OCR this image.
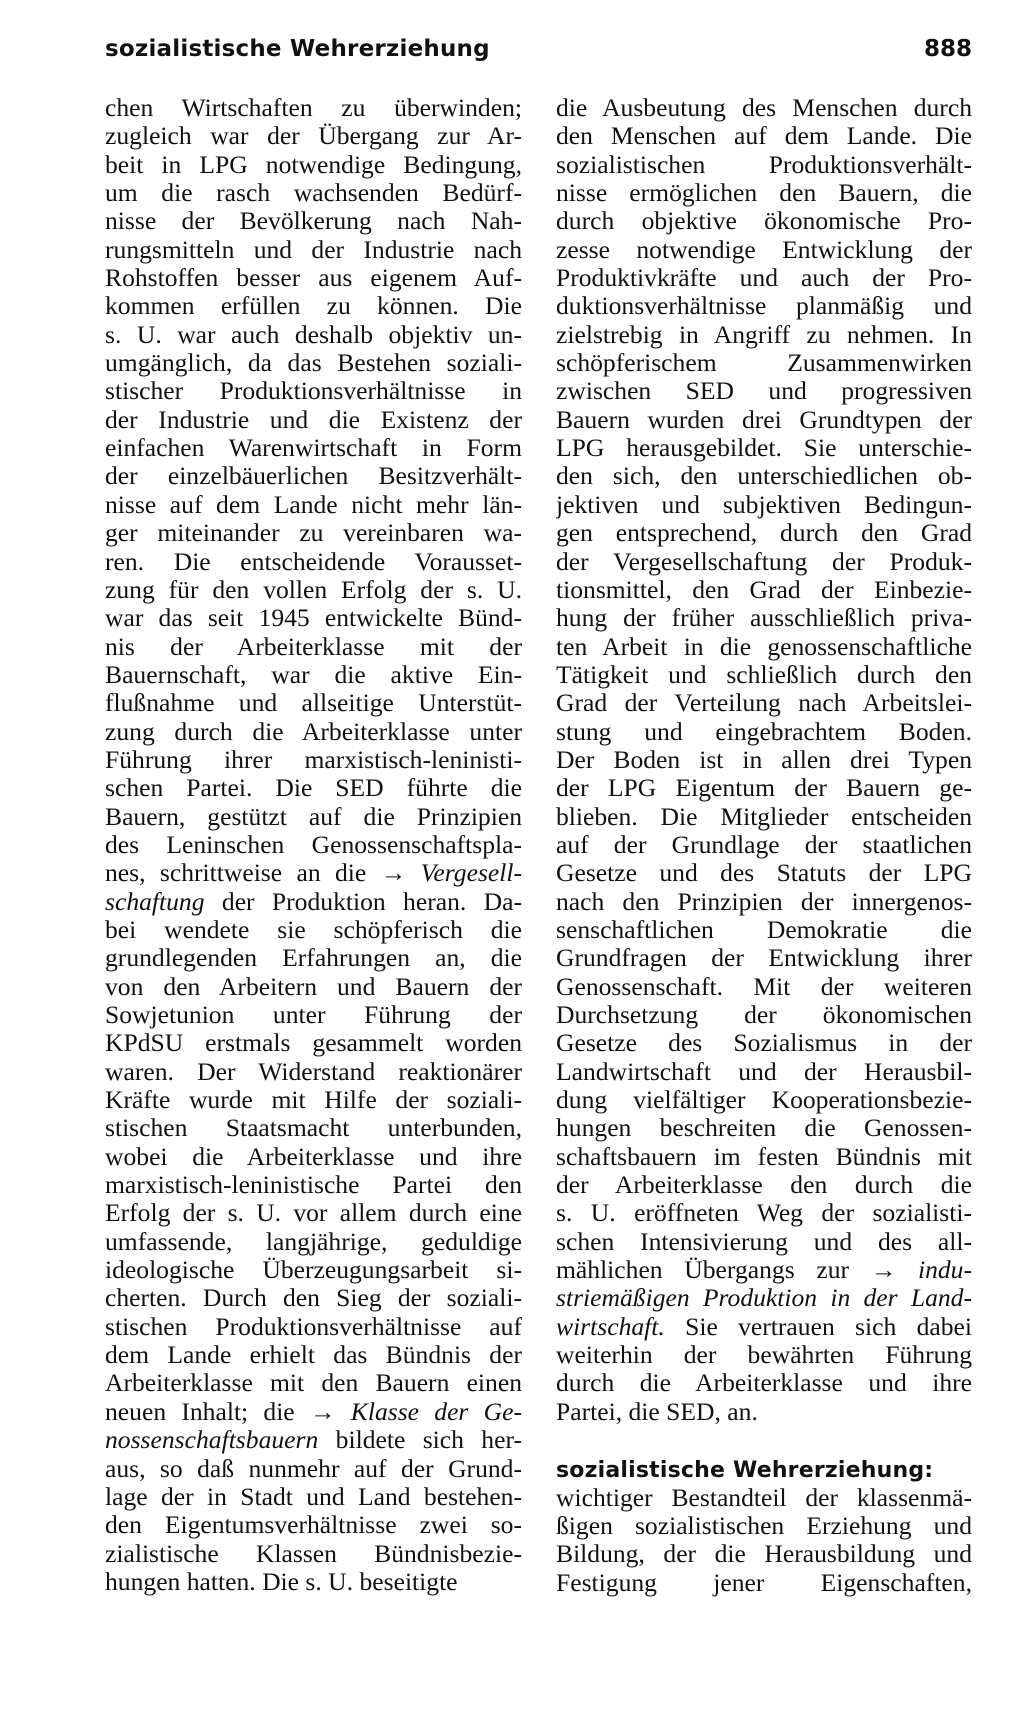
sozialistische Wehrerziehung	888
chen Wirtschaften zu überwinden;
zugleich war der Übergang zur Ar-
beit in LPG notwendige Bedingung,
um die rasch wachsenden Bedürf-
nisse der Bevölkerung nach Nah-
rungsmitteln und der Industrie nach
Rohstoffen besser aus eigenem Auf-
kommen erfüllen zu können. Die
s. U. war auch deshalb objektiv un-
umgänglich, da das Bestehen soziali-
stischer Produktionsverhältnisse in
der Industrie und die Existenz der
einfachen Warenwirtschaft in Form
der einzelbäuerlichen Besitzverhält-
nisse auf dem Lande nicht mehr län-
ger miteinander zu vereinbaren wa-
ren. Die entscheidende Vorausset-
zung für den vollen Erfolg der s. U.
war das seit 1945 entwickelte Bünd-
nis der Arbeiterklasse mit der
Bauernschaft, war die aktive Ein-
flußnahme und allseitige Unterstüt-
zung durch die Arbeiterklasse unter
Führung ihrer marxistisch-leninisti-
schen Partei. Die SED führte die
Bauern, gestützt auf die Prinzipien
des Leninschen Genossenschaftspla-
nes, schrittweise an die → Vergesell-
schaftung der Produktion heran. Da-
bei wendete sie schöpferisch die
grundlegenden Erfahrungen an, die
von den Arbeitern und Bauern der
Sowjetunion unter Führung der
KPdSU erstmals gesammelt worden
waren. Der Widerstand reaktionärer
Kräfte wurde mit Hilfe der soziali-
stischen Staatsmacht unterbunden,
wobei die Arbeiterklasse und ihre
marxistisch-leninistische Partei den
Erfolg der s. U. vor allem durch eine
umfassende, langjährige, geduldige
ideologische Überzeugungsarbeit si-
cherten. Durch den Sieg der soziali-
stischen Produktionsverhältnisse auf
dem Lande erhielt das Bündnis der
Arbeiterklasse mit den Bauern einen
neuen Inhalt; die → Klasse der Ge-
nossenschaftsbauern bildete sich her-
aus, so daß nunmehr auf der Grund-
lage der in Stadt und Land bestehen-
den Eigentumsverhältnisse zwei so-
zialistische Klassen Bündnisbezie-
hungen hatten. Die s. U. beseitigte
die Ausbeutung des Menschen durch
den Menschen auf dem Lande. Die
sozialistischen Produktionsverhält-
nisse ermöglichen den Bauern, die
durch objektive ökonomische Pro-
zesse notwendige Entwicklung der
Produktivkräfte und auch der Pro-
duktionsverhältnisse planmäßig und
zielstrebig in Angriff zu nehmen. In
schöpferischem Zusammenwirken
zwischen SED und progressiven
Bauern wurden drei Grundtypen der
LPG herausgebildet. Sie unterschie-
den sich, den unterschiedlichen ob-
jektiven und subjektiven Bedingun-
gen entsprechend, durch den Grad
der Vergesellschaftung der Produk-
tionsmittel, den Grad der Einbezie-
hung der früher ausschließlich priva-
ten Arbeit in die genossenschaftliche
Tätigkeit und schließlich durch den
Grad der Verteilung nach Arbeitslei-
stung und eingebrachtem Boden.
Der Boden ist in allen drei Typen
der LPG Eigentum der Bauern ge-
blieben. Die Mitglieder entscheiden
auf der Grundlage der staatlichen
Gesetze und des Statuts der LPG
nach den Prinzipien der innergenos-
senschaftlichen Demokratie die
Grundfragen der Entwicklung ihrer
Genossenschaft. Mit der weiteren
Durchsetzung der ökonomischen
Gesetze des Sozialismus in der
Landwirtschaft und der Herausbil-
dung vielfältiger Kooperationsbezie-
hungen beschreiten die Genossen-
schaftsbauern im festen Bündnis mit
der Arbeiterklasse den durch die
s. U. eröffneten Weg der sozialisti-
schen Intensivierung und des all-
mählichen Übergangs zur → indu-
striemäßigen Produktion in der Land-
wirtschaft. Sie vertrauen sich dabei
weiterhin der bewährten Führung
durch die Arbeiterklasse und ihre
Partei, die SED, an.
sozialistische Wehrerziehung:
wichtiger Bestandteil der klassenmä-
ßigen sozialistischen Erziehung und
Bildung, der die Herausbildung und
Festigung jener Eigenschaften,
